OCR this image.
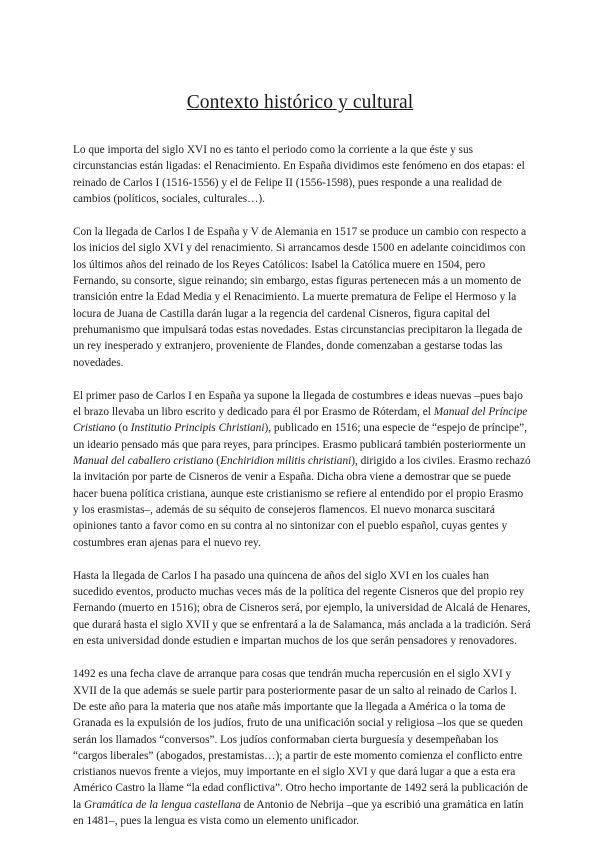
Contexto histórico y cultural

Lo que importa del siglo XVI no es tanto el periodo como la corriente a la que éste y sus circunstancias están ligadas: el Renacimiento. En España dividimos este fenómeno en dos etapas: el reinado de Carlos I (1516-1556) y el de Felipe II (1556-1598), pues responde a una realidad de cambios (políticos, sociales, culturales…).

Con la llegada de Carlos I de España y V de Alemania en 1517 se produce un cambio con respecto a los inicios del siglo XVI y del renacimiento. Si arrancamos desde 1500 en adelante coincidimos con los últimos años del reinado de los Reyes Católicos: Isabel la Católica muere en 1504, pero Fernando, su consorte, sigue reinando; sin embargo, estas figuras pertenecen más a un momento de transición entre la Edad Media y el Renacimiento. La muerte prematura de Felipe el Hermoso y la locura de Juana de Castilla darán lugar a la regencia del cardenal Cisneros, figura capital del prehumanismo que impulsará todas estas novedades. Estas circunstancias precipitaron la llegada de un rey inesperado y extranjero, proveniente de Flandes, donde comenzaban a gestarse todas las novedades.

El primer paso de Carlos I en España ya supone la llegada de costumbres e ideas nuevas –pues bajo el brazo llevaba un libro escrito y dedicado para él por Erasmo de Róterdam, el Manual del Príncipe Cristiano (o Institutio Principis Christiani), publicado en 1516; una especie de “espejo de príncipe”, un ideario pensado más que para reyes, para príncipes. Erasmo publicará también posteriormente un Manual del caballero cristiano (Enchiridion militis christiani), dirigido a los civiles. Erasmo rechazó la invitación por parte de Cisneros de venir a España. Dicha obra viene a demostrar que se puede hacer buena política cristiana, aunque este cristianismo se refiere al entendido por el propio Erasmo y los erasmistas–, además de su séquito de consejeros flamencos. El nuevo monarca suscitará opiniones tanto a favor como en su contra al no sintonizar con el pueblo español, cuyas gentes y costumbres eran ajenas para el nuevo rey.

Hasta la llegada de Carlos I ha pasado una quincena de años del siglo XVI en los cuales han sucedido eventos, producto muchas veces más de la política del regente Cisneros que del propio rey Fernando (muerto en 1516); obra de Cisneros será, por ejemplo, la universidad de Alcalá de Henares, que durará hasta el siglo XVII y que se enfrentará a la de Salamanca, más anclada a la tradición. Será en esta universidad donde estudien e impartan muchos de los que serán pensadores y renovadores.

1492 es una fecha clave de arranque para cosas que tendrán mucha repercusión en el siglo XVI y XVII de la que además se suele partir para posteriormente pasar de un salto al reinado de Carlos I. De este año para la materia que nos atañe más importante que la llegada a América o la toma de Granada es la expulsión de los judíos, fruto de una unificación social y religiosa –los que se queden serán los llamados “conversos”. Los judíos conformaban cierta burguesía y desempeñaban los “cargos liberales” (abogados, prestamistas…); a partir de este momento comienza el conflicto entre cristianos nuevos frente a viejos, muy importante en el siglo XVI y que dará lugar a que a esta era Américo Castro la llame “la edad conflictiva”. Otro hecho importante de 1492 será la publicación de la Gramática de la lengua castellana de Antonio de Nebrija –que ya escribió una gramática en latín en 1481–, pues la lengua es vista como un elemento unificador.
